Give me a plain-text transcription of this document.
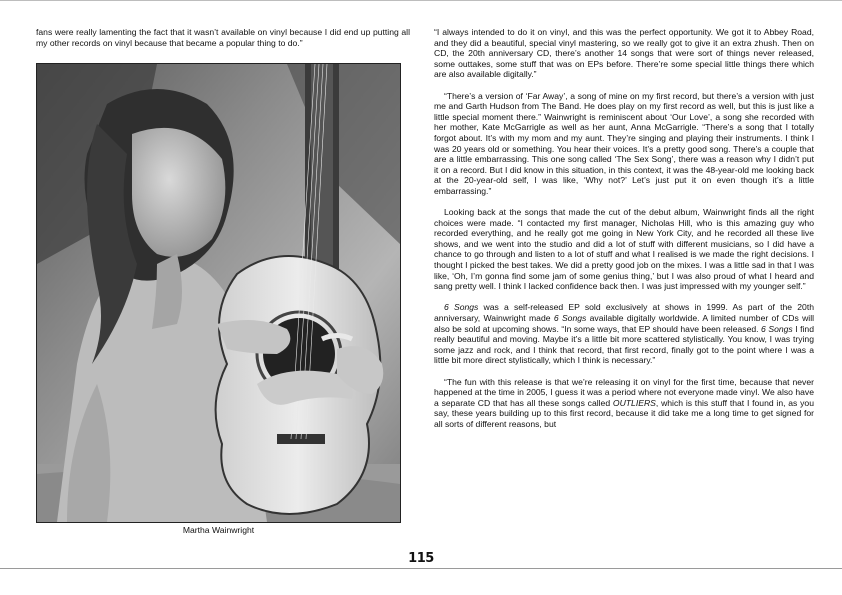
fans were really lamenting the fact that it wasn’t available on vinyl because I did end up putting all my other records on vinyl because that became a popular thing to do.”

Martha Wainwright

“I always intended to do it on vinyl, and this was the perfect opportunity. We got it to Abbey Road, and they did a beautiful, special vinyl mastering, so we really got to give it an extra zhush. Then on CD, the 20th anniversary CD, there’s another 14 songs that were sort of things never released, some outtakes, some stuff that was on EPs before. There’re some special little things there which are also available digitally.”

“There’s a version of ‘Far Away’, a song of mine on my first record, but there’s a version with just me and Garth Hudson from The Band. He does play on my first record as well, but this is just like a little special moment there.” Wainwright is reminiscent about ‘Our Love’, a song she recorded with her mother, Kate McGarrigle as well as her aunt, Anna McGarrigle. “There’s a song that I totally forgot about. It’s with my mom and my aunt. They’re singing and playing their instruments. I think I was 20 years old or something. You hear their voices. It’s a pretty good song. There’s a couple that are a little embarrassing. This one song called ‘The Sex Song’, there was a reason why I didn’t put it on a record. But I did know in this situation, in this context, it was the 48-year-old me looking back at the 20-year-old self, I was like, ‘Why not?’ Let’s just put it on even though it’s a little embarrassing.”

Looking back at the songs that made the cut of the debut album, Wainwright finds all the right choices were made. “I contacted my first manager, Nicholas Hill, who is this amazing guy who recorded everything, and he really got me going in New York City, and he recorded all these live shows, and we went into the studio and did a lot of stuff with different musicians, so I did have a chance to go through and listen to a lot of stuff and what I realised is we made the right decisions. I thought I picked the best takes. We did a pretty good job on the mixes. I was a little sad in that I was like, ‘Oh, I’m gonna find some jam of some genius thing,’ but I was also proud of what I heard and sang pretty well. I think I lacked confidence back then. I was just impressed with my younger self.”

6 Songs was a self-released EP sold exclusively at shows in 1999. As part of the 20th anniversary, Wainwright made 6 Songs available digitally worldwide. A limited number of CDs will also be sold at upcoming shows. “In some ways, that EP should have been released. 6 Songs I find really beautiful and moving. Maybe it’s a little bit more scattered stylistically. You know, I was trying some jazz and rock, and I think that record, that first record, finally got to the point where I was a little bit more direct stylistically, which I think is necessary.”

“The fun with this release is that we’re releasing it on vinyl for the first time, because that never happened at the time in 2005, I guess it was a period where not everyone made vinyl. We also have a separate CD that has all these songs called OUTLIERS, which is this stuff that I found in, as you say, these years building up to this first record, because it did take me a long time to get signed for all sorts of different reasons, but

115
